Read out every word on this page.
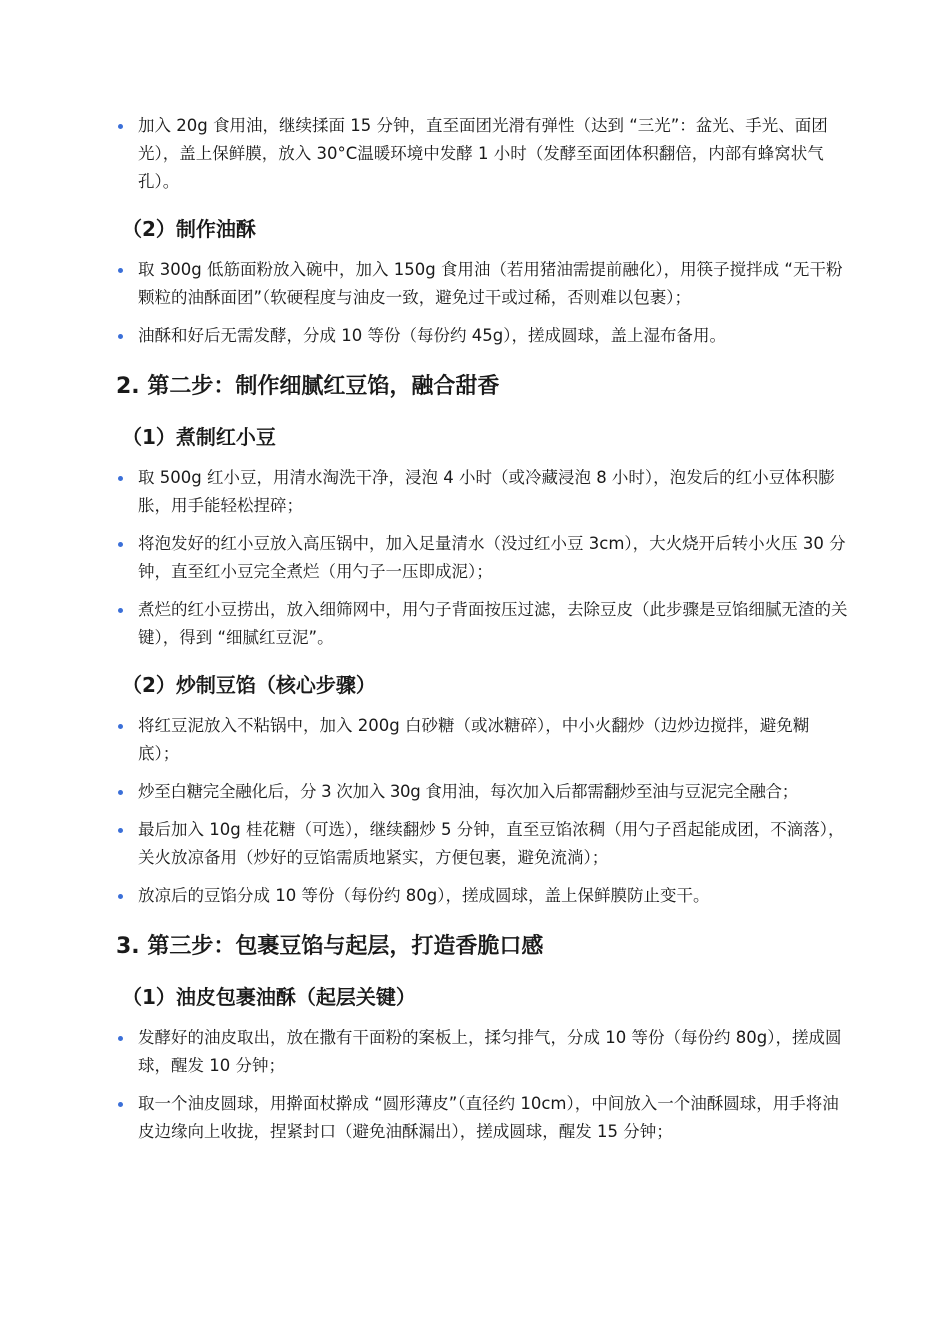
加入 20g 食用油，继续揉面 15 分钟，直至面团光滑有弹性（达到 “三光”：盆光、手光、面团光），盖上保鲜膜，放入 30°C温暖环境中发酵 1 小时（发酵至面团体积翻倍，内部有蜂窝状气孔）。
（2）制作油酥
取 300g 低筋面粉放入碗中，加入 150g 食用油（若用猪油需提前融化），用筷子搅拌成 “无干粉颗粒的油酥面团”（软硬程度与油皮一致，避免过干或过稀，否则难以包裹）；
油酥和好后无需发酵，分成 10 等份（每份约 45g），搓成圆球，盖上湿布备用。
2. 第二步：制作细腻红豆馅，融合甜香
（1）煮制红小豆
取 500g 红小豆，用清水淘洗干净，浸泡 4 小时（或冷藏浸泡 8 小时），泡发后的红小豆体积膨胀，用手能轻松捏碎；
将泡发好的红小豆放入高压锅中，加入足量清水（没过红小豆 3cm），大火烧开后转小火压 30 分钟，直至红小豆完全煮烂（用勺子一压即成泥）；
煮烂的红小豆捞出，放入细筛网中，用勺子背面按压过滤，去除豆皮（此步骤是豆馅细腻无渣的关键），得到 “细腻红豆泥”。
（2）炒制豆馅（核心步骤）
将红豆泥放入不粘锅中，加入 200g 白砂糖（或冰糖碎），中小火翻炒（边炒边搅拌，避免糊底）；
炒至白糖完全融化后，分 3 次加入 30g 食用油，每次加入后都需翻炒至油与豆泥完全融合；
最后加入 10g 桂花糖（可选），继续翻炒 5 分钟，直至豆馅浓稠（用勺子舀起能成团，不滴落），关火放凉备用（炒好的豆馅需质地紧实，方便包裹，避免流淌）；
放凉后的豆馅分成 10 等份（每份约 80g），搓成圆球，盖上保鲜膜防止变干。
3. 第三步：包裹豆馅与起层，打造香脆口感
（1）油皮包裹油酥（起层关键）
发酵好的油皮取出，放在撒有干面粉的案板上，揉匀排气，分成 10 等份（每份约 80g），搓成圆球，醒发 10 分钟；
取一个油皮圆球，用擀面杖擀成 “圆形薄皮”（直径约 10cm），中间放入一个油酥圆球，用手将油皮边缘向上收拢，捏紧封口（避免油酥漏出），搓成圆球，醒发 15 分钟；
